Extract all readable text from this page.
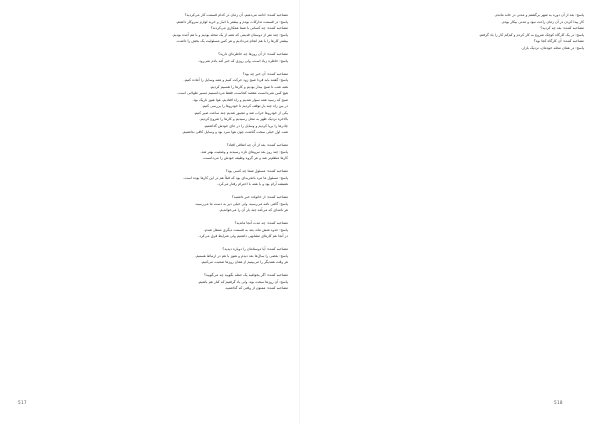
مصاحبه کننده: ادامه می‌دهیم. آن زمان در کدام قسمت کار می‌کردید؟
پاسخ: در قسمت تدارکات بودم و بیشتر با انبار و خرید لوازم سروکار داشتم.
مصاحبه کننده: چه کسانی با شما همکاری می‌کردند؟
پاسخ: چند نفر از دوستان قدیمی که همه از یک محله بودیم و با هم آمده بودیم.
بیشتر کارها را با هم انجام می‌دادیم و هر کس مسئولیت یک بخش را داشت.
مصاحبه کننده: از آن روزها چه خاطره‌ای دارید؟
پاسخ: خاطره زیاد است، ولی روزی که خبر آمد یادم نمی‌رود.
مصاحبه کننده: آن خبر چه بود؟
پاسخ: گفتند باید فردا صبح زود حرکت کنیم و همه وسایل را آماده کنیم.
همه شب تا صبح بیدار بودیم و کارها را تقسیم کردیم.
هیچ کس نمی‌دانست مقصد کجاست، فقط می‌دانستیم مسیر طولانی است.
صبح که رسید همه سوار شدیم و راه افتادیم، هوا هنوز تاریک بود.
در بین راه چند بار توقف کردیم تا خودروها را بررسی کنیم.
یکی از خودروها خراب شد و مجبور شدیم چند ساعت صبر کنیم.
بالاخره نزدیک ظهر به محل رسیدیم و کارها را شروع کردیم.
چادرها را برپا کردیم و وسایل را در جای خودش گذاشتیم.
شب اول خیلی سخت گذشت چون هوا سرد بود و وسایل کافی نداشتیم.
مصاحبه کننده: بعد از آن چه اتفاقی افتاد؟
پاسخ: چند روز بعد نیروهای تازه رسیدند و وضعیت بهتر شد.
کارها منظم‌تر شد و هر گروه وظیفه خودش را می‌دانست.
مصاحبه کننده: مسئول شما چه کسی بود؟
پاسخ: مسئول ما مرد باتجربه‌ای بود که قبلاً هم در این کارها بوده است.
همیشه آرام بود و با همه با احترام رفتار می‌کرد.
مصاحبه کننده: از خانواده خبر داشتید؟
پاسخ: گاهی نامه می‌رسید، ولی خیلی دیر به دست ما می‌رسید.
هر نامه‌ای که می‌آمد چند بار آن را می‌خواندیم.
مصاحبه کننده: چه مدت آنجا ماندید؟
پاسخ: حدود شش ماه، بعد به قسمت دیگری منتقل شدم.
در آنجا هم کارهای مشابهی داشتیم ولی شرایط فرق می‌کرد.
مصاحبه کننده: آیا دوستانتان را دوباره دیدید؟
پاسخ: بعضی را سال‌ها بعد دیدم و هنوز با هم در ارتباط هستیم.
هر وقت همدیگر را می‌بینیم از همان روزها صحبت می‌کنیم.
مصاحبه کننده: اگر بخواهید یک جمله بگویید چه می‌گویید؟
پاسخ: آن روزها سخت بود، ولی یاد گرفتیم که کنار هم باشیم.
مصاحبه کننده: ممنون از وقتی که گذاشتید.
517
پاسخ: بعد از آن دوره به شهر برگشتم و مدتی در خانه ماندم.
کار پیدا کردن در آن زمان راحت نبود و مدتی بیکار بودم.
مصاحبه کننده: بعد چه کردید؟
پاسخ: در یک کارگاه کوچک شروع به کار کردم و کم‌کم کار را یاد گرفتم.
مصاحبه کننده: آن کارگاه کجا بود؟
پاسخ: در همان محله خودمان، نزدیک بازار.
518
